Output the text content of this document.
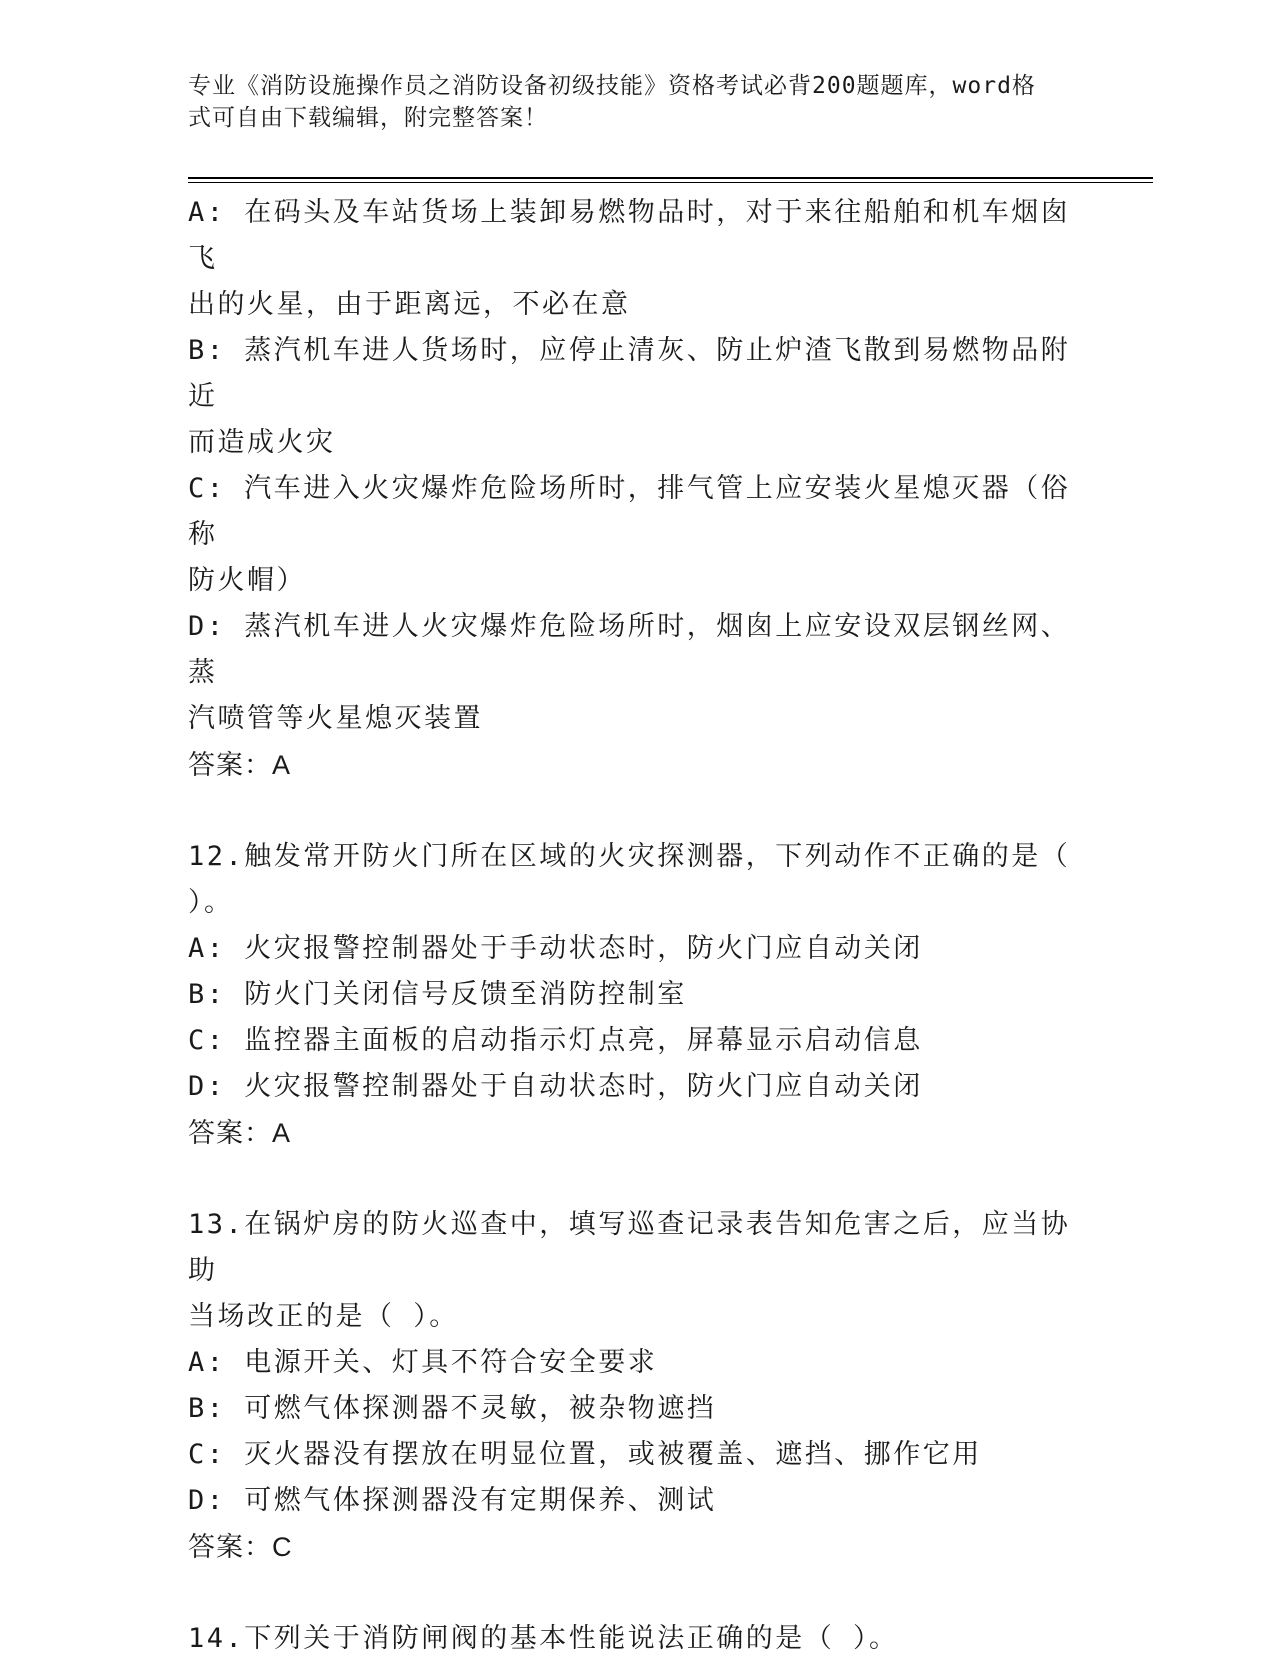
专业《消防设施操作员之消防设备初级技能》资格考试必背200题题库，word格
式可自由下载编辑，附完整答案！
A: 在码头及车站货场上装卸易燃物品时，对于来往船舶和机车烟囱飞
出的火星，由于距离远，不必在意
B: 蒸汽机车进人货场时，应停止清灰、防止炉渣飞散到易燃物品附近
而造成火灾
C: 汽车进入火灾爆炸危险场所时，排气管上应安装火星熄灭器（俗称
防火帽）
D: 蒸汽机车进人火灾爆炸危险场所时，烟囱上应安设双层钢丝网、蒸
汽喷管等火星熄灭装置
答案：A
12.触发常开防火门所在区域的火灾探测器，下列动作不正确的是（
）。
A: 火灾报警控制器处于手动状态时，防火门应自动关闭
B: 防火门关闭信号反馈至消防控制室
C: 监控器主面板的启动指示灯点亮，屏幕显示启动信息
D: 火灾报警控制器处于自动状态时，防火门应自动关闭
答案：A
13.在锅炉房的防火巡查中，填写巡查记录表告知危害之后，应当协助
当场改正的是（ ）。
A: 电源开关、灯具不符合安全要求
B: 可燃气体探测器不灵敏，被杂物遮挡
C: 灭火器没有摆放在明显位置，或被覆盖、遮挡、挪作它用
D: 可燃气体探测器没有定期保养、测试
答案：C
14.下列关于消防闸阀的基本性能说法正确的是（ ）。
